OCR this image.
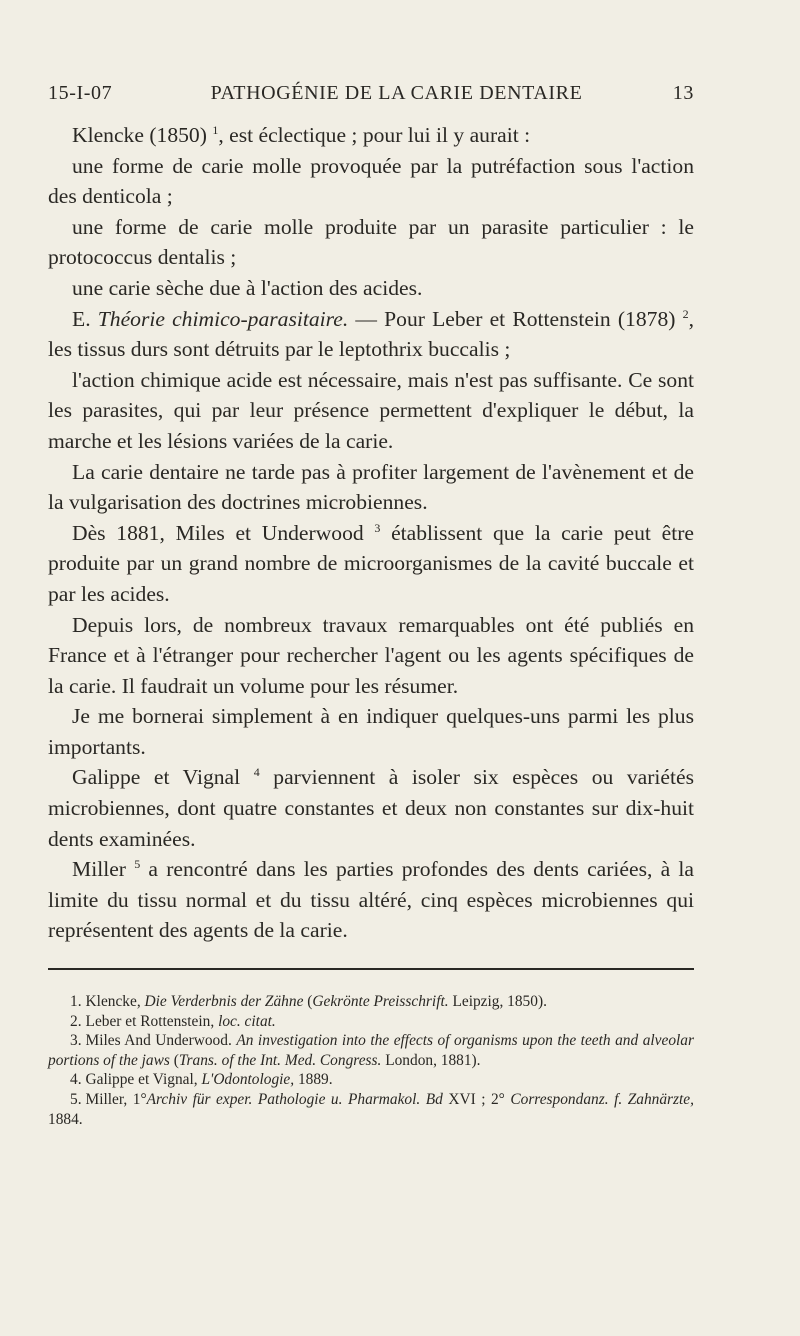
15-I-07	PATHOGÉNIE DE LA CARIE DENTAIRE	13

Klencke (1850) $^1$, est éclectique ; pour lui il y aurait :

une forme de carie molle provoquée par la putréfaction sous l'action des denticola ;

une forme de carie molle produite par un parasite particulier : le protococcus dentalis ;

une carie sèche due à l'action des acides.

E. Théorie chimico-parasitaire. — Pour Leber et Rottenstein (1878) $^2$, les tissus durs sont détruits par le leptothrix buccalis ;

l'action chimique acide est nécessaire, mais n'est pas suffisante. Ce sont les parasites, qui par leur présence permettent d'expliquer le début, la marche et les lésions variées de la carie.

La carie dentaire ne tarde pas à profiter largement de l'avènement et de la vulgarisation des doctrines microbiennes.

Dès 1881, Miles et Underwood $^3$ établissent que la carie peut être produite par un grand nombre de microorganismes de la cavité buccale et par les acides.

Depuis lors, de nombreux travaux remarquables ont été publiés en France et à l'étranger pour rechercher l'agent ou les agents spécifiques de la carie. Il faudrait un volume pour les résumer.

Je me bornerai simplement à en indiquer quelques-uns parmi les plus importants.

Galippe et Vignal $^4$ parviennent à isoler six espèces ou variétés microbiennes, dont quatre constantes et deux non constantes sur dix-huit dents examinées.

Miller $^5$ a rencontré dans les parties profondes des dents cariées, à la limite du tissu normal et du tissu altéré, cinq espèces microbiennes qui représentent des agents de la carie.

1. Klencke, Die Verderbnis der Zähne (Gekrönte Preisschrift. Leipzig, 1850).

2. Leber et Rottenstein, loc. citat.

3. Miles And Underwood. An investigation into the effects of organisms upon the teeth and alveolar portions of the jaws (Trans. of the Int. Med. Congress. London, 1881).

4. Galippe et Vignal, L'Odontologie, 1889.

5. Miller, 1°Archiv für exper. Pathologie u. Pharmakol. Bd XVI ; 2° Correspondanz. f. Zahnärzte, 1884.
